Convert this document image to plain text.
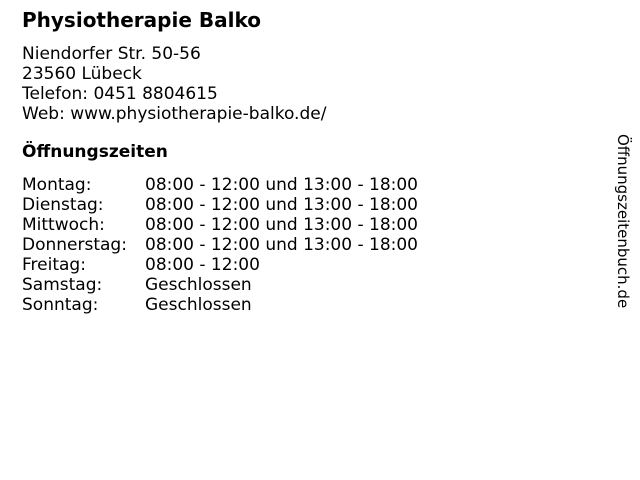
Physiotherapie Balko
Niendorfer Str. 50-56
23560 Lübeck
Telefon: 0451 8804615
Web: www.physiotherapie-balko.de/
Öffnungszeiten
Montag:	08:00 - 12:00 und 13:00 - 18:00
Dienstag:	08:00 - 12:00 und 13:00 - 18:00
Mittwoch:	08:00 - 12:00 und 13:00 - 18:00
Donnerstag:	08:00 - 12:00 und 13:00 - 18:00
Freitag:	08:00 - 12:00
Samstag:	Geschlossen
Sonntag:	Geschlossen	Öffnungszeitenbuch.de
